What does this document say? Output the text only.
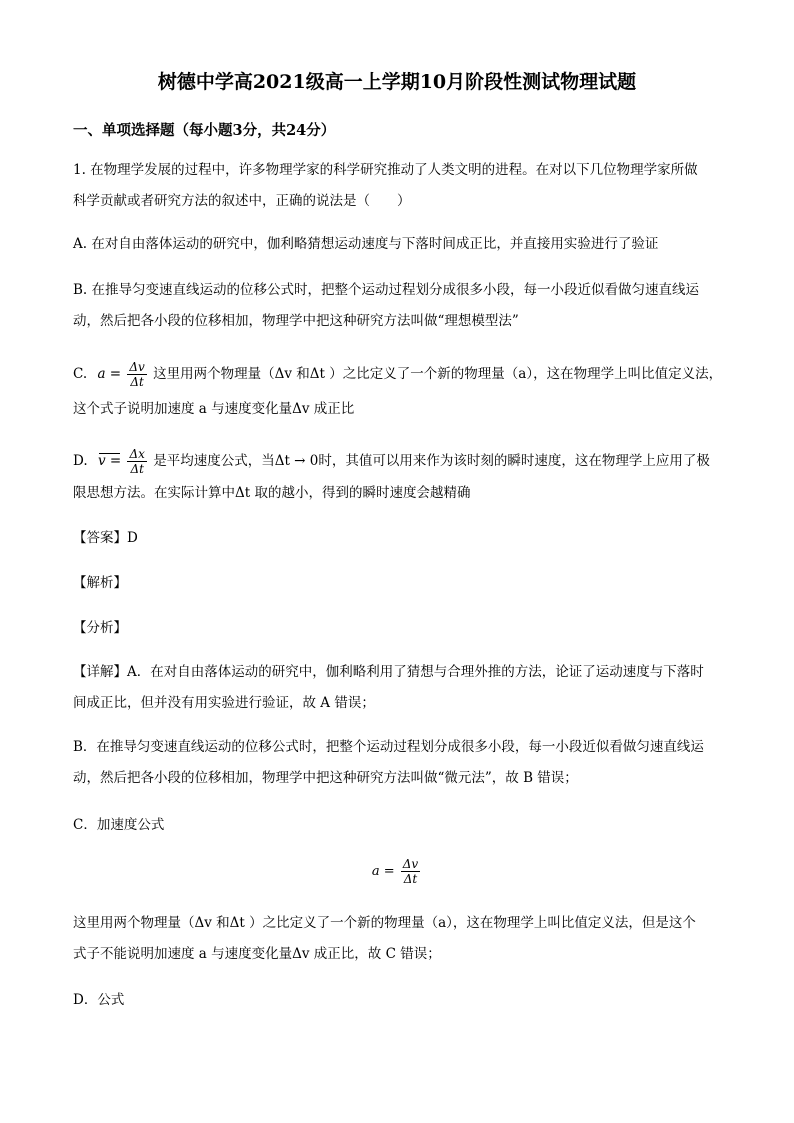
树德中学高2021级高一上学期10月阶段性测试物理试题
一、单项选择题（每小题3分，共24分）
1. 在物理学发展的过程中，许多物理学家的科学研究推动了人类文明的进程。在对以下几位物理学家所做
科学贡献或者研究方法的叙述中，正确的说法是（　　）
A. 在对自由落体运动的研究中，伽利略猜想运动速度与下落时间成正比，并直接用实验进行了验证
B. 在推导匀变速直线运动的位移公式时，把整个运动过程划分成很多小段，每一小段近似看做匀速直线运
动，然后把各小段的位移相加，物理学中把这种研究方法叫做“理想模型法”
C. $a = \frac{\Delta v}{\Delta t}$ 这里用两个物理量（Δv 和Δt ）之比定义了一个新的物理量（a），这在物理学上叫比值定义法，
这个式子说明加速度 a 与速度变化量Δv 成正比
D. $v = \frac{\Delta x}{\Delta t}$ 是平均速度公式，当Δt → 0时，其值可以用来作为该时刻的瞬时速度，这在物理学上应用了极
限思想方法。在实际计算中Δt 取的越小，得到的瞬时速度会越精确
【答案】D
【解析】
【分析】
【详解】A．在对自由落体运动的研究中，伽利略利用了猜想与合理外推的方法，论证了运动速度与下落时
间成正比，但并没有用实验进行验证，故 A 错误；
B．在推导匀变速直线运动的位移公式时，把整个运动过程划分成很多小段，每一小段近似看做匀速直线运
动，然后把各小段的位移相加，物理学中把这种研究方法叫做“微元法”，故 B 错误；
C．加速度公式
$a = \frac{\Delta v}{\Delta t}$
这里用两个物理量（Δv 和Δt ）之比定义了一个新的物理量（a），这在物理学上叫比值定义法，但是这个
式子不能说明加速度 a 与速度变化量Δv 成正比，故 C 错误；
D．公式
